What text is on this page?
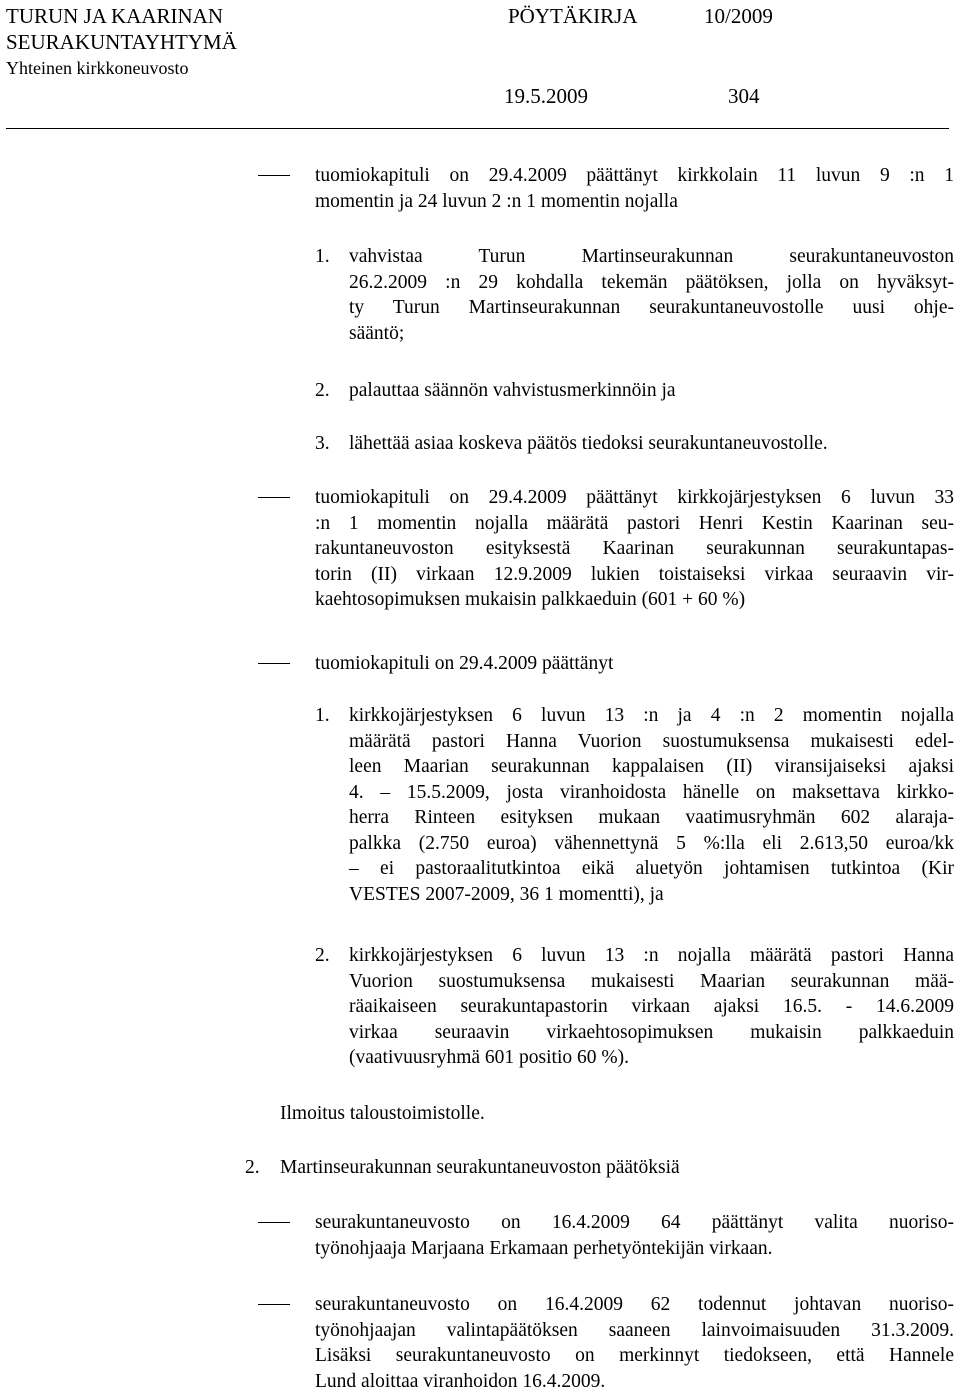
TURUN JA KAARINAN
SEURAKUNTAYHTYMÄ
Yhteinen kirkkoneuvosto
PÖYTÄKIRJA	10/2009
19.5.2009	304
tuomiokapituli on 29.4.2009 päättänyt kirkkolain 11 luvun 9 :n 1
momentin ja 24 luvun 2 :n 1 momentin nojalla
1. vahvistaa Turun Martinseurakunnan seurakuntaneuvoston
26.2.2009 :n 29 kohdalla tekemän päätöksen, jolla on hyväksyt-
ty Turun Martinseurakunnan seurakuntaneuvostolle uusi ohje-
sääntö;
2. palauttaa säännön vahvistusmerkinnöin ja
3. lähettää asiaa koskeva päätös tiedoksi seurakuntaneuvostolle.
tuomiokapituli on 29.4.2009 päättänyt kirkkojärjestyksen 6 luvun 33
:n 1 momentin nojalla määrätä pastori Henri Kestin Kaarinan seu-
rakuntaneuvoston esityksestä Kaarinan seurakunnan seurakuntapas-
torin (II) virkaan 12.9.2009 lukien toistaiseksi virkaa seuraavin vir-
kaehtosopimuksen mukaisin palkkaeduin (601 + 60 %)
tuomiokapituli on 29.4.2009 päättänyt
1. kirkkojärjestyksen 6 luvun 13 :n ja 4 :n 2 momentin nojalla
määrätä pastori Hanna Vuorion suostumuksensa mukaisesti edel-
leen Maarian seurakunnan kappalaisen (II) viransijaiseksi ajaksi
4. – 15.5.2009, josta viranhoidosta hänelle on maksettava kirkko-
herra Rinteen esityksen mukaan vaatimusryhmän 602 alaraja-
palkka (2.750 euroa) vähennettynä 5 %:lla eli 2.613,50 euroa/kk
– ei pastoraalitutkintoa eikä aluetyön johtamisen tutkintoa (Kir
VESTES 2007-2009, 36 1 momentti), ja
2. kirkkojärjestyksen 6 luvun 13 :n nojalla määrätä pastori Hanna
Vuorion suostumuksensa mukaisesti Maarian seurakunnan mää-
räaikaiseen seurakuntapastorin virkaan ajaksi 16.5. - 14.6.2009
virkaa seuraavin virkaehtosopimuksen mukaisin palkkaeduin
(vaativuusryhmä 601 positio 60 %).
Ilmoitus taloustoimistolle.
2. Martinseurakunnan seurakuntaneuvoston päätöksiä
seurakuntaneuvosto on 16.4.2009 64 päättänyt valita nuoriso-
työnohjaaja Marjaana Erkamaan perhetyöntekijän virkaan.
seurakuntaneuvosto on 16.4.2009 62 todennut johtavan nuoriso-
työnohjaajan valintapäätöksen saaneen lainvoimaisuuden 31.3.2009.
Lisäksi seurakuntaneuvosto on merkinnyt tiedokseen, että Hannele
Lund aloittaa viranhoidon 16.4.2009.
